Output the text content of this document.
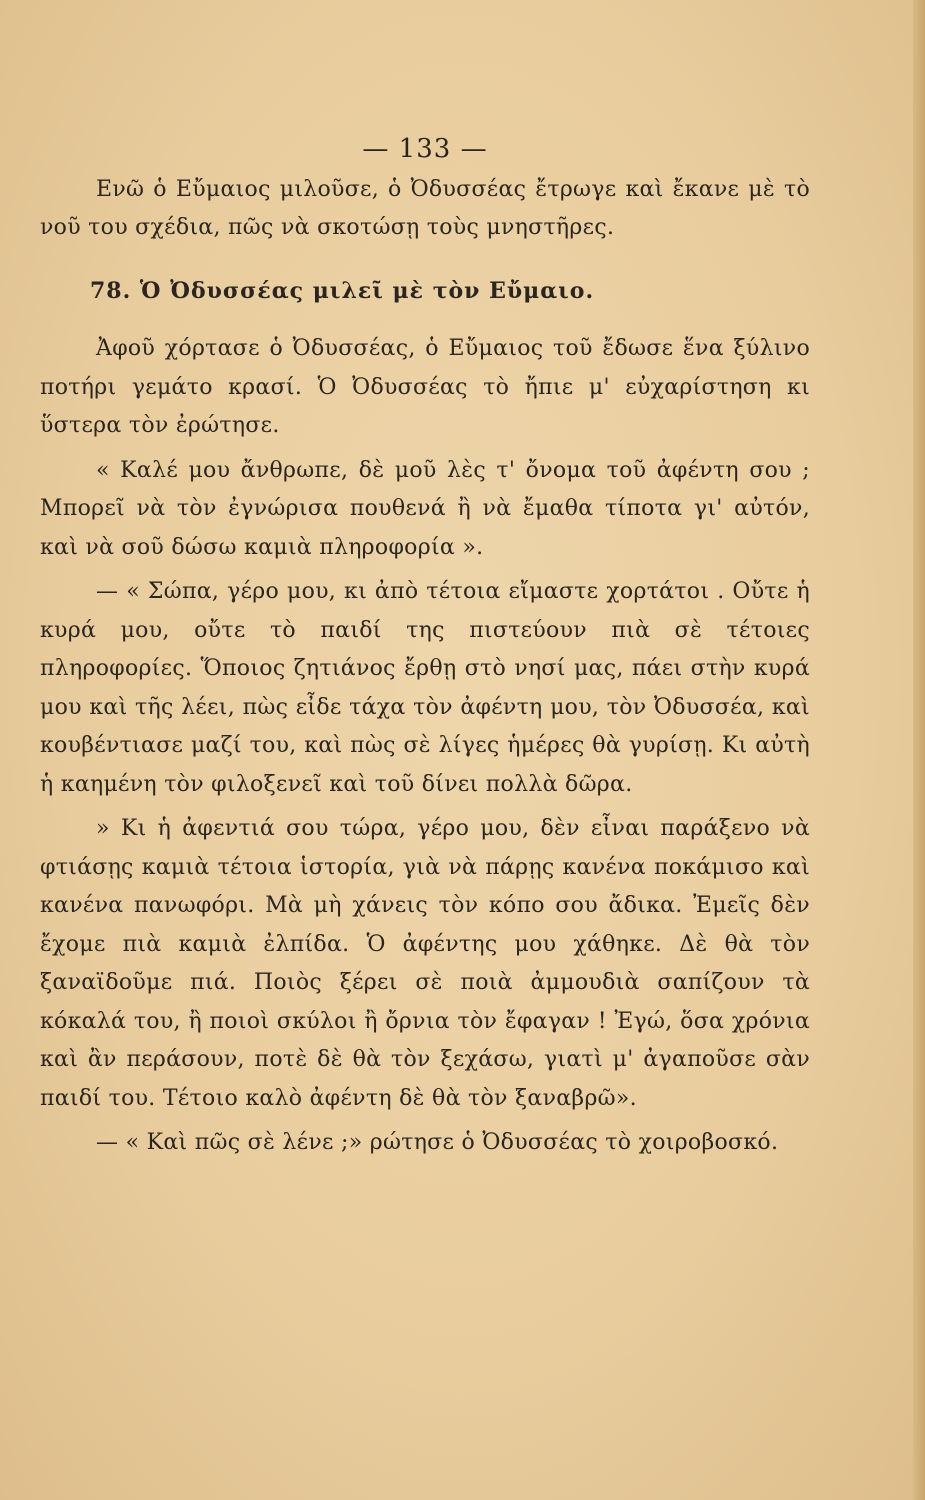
— 133 —

Ενῶ ὁ Εὔμαιος μιλοῦσε, ὁ Ὀδυσσέας ἔτρωγε καὶ ἔκανε μὲ τὸ νοῦ του σχέδια, πῶς νὰ σκοτώσῃ τοὺς μνηστῆρες.

78. Ὁ Ὀδυσσέας μιλεῖ μὲ τὸν Εὔμαιο.

Ἀφοῦ χόρτασε ὁ Ὀδυσσέας, ὁ Εὔμαιος τοῦ ἔδωσε ἕνα ξύλινο ποτήρι γεμάτο κρασί. Ὁ Ὀδυσσέας τὸ ἤπιε μ' εὐχαρίστηση κι ὕστερα τὸν ἐρώτησε.

« Καλέ μου ἄνθρωπε, δὲ μοῦ λὲς τ' ὄνομα τοῦ ἀφέντη σου ; Μπορεῖ νὰ τὸν ἐγνώρισα πουθενά ἢ νὰ ἔμαθα τίποτα γι' αὐτόν, καὶ νὰ σοῦ δώσω καμιὰ πληροφορία ».

— « Σώπα, γέρο μου, κι ἀπὸ τέτοια εἴμαστε χορτάτοι . Οὔτε ἡ κυρά μου, οὔτε τὸ παιδί της πιστεύουν πιὰ σὲ τέτοιες πληροφορίες. Ὅποιος ζητιάνος ἔρθῃ στὸ νησί μας, πάει στὴν κυρά μου καὶ τῆς λέει, πὼς εἶδε τάχα τὸν ἀφέντη μου, τὸν Ὀδυσσέα, καὶ κουβέντιασε μαζί του, καὶ πὼς σὲ λίγες ἡμέρες θὰ γυρίσῃ. Κι αὐτὴ ἡ καημένη τὸν φιλοξενεῖ καὶ τοῦ δίνει πολλὰ δῶρα.

» Κι ἡ ἀφεντιά σου τώρα, γέρο μου, δὲν εἶναι παράξενο νὰ φτιάσῃς καμιὰ τέτοια ἱστορία, γιὰ νὰ πάρῃς κανένα ποκάμισο καὶ κανένα πανωφόρι. Μὰ μὴ χάνεις τὸν κόπο σου ἄδικα. Ἐμεῖς δὲν ἔχομε πιὰ καμιὰ ἐλπίδα. Ὁ ἀφέντης μου χάθηκε. Δὲ θὰ τὸν ξαναϊδοῦμε πιά. Ποιὸς ξέρει σὲ ποιὰ ἀμμουδιὰ σαπίζουν τὰ κόκαλά του, ἢ ποιοὶ σκύλοι ἢ ὄρνια τὸν ἔφαγαν ! Ἐγώ, ὅσα χρόνια καὶ ἂν περάσουν, ποτὲ δὲ θὰ τὸν ξεχάσω, γιατὶ μ' ἀγαποῦσε σὰν παιδί του. Τέτοιο καλὸ ἀφέντη δὲ θὰ τὸν ξαναβρῶ».

— « Καὶ πῶς σὲ λένε ;» ρώτησε ὁ Ὀδυσσέας τὸ χοιροβοσκό.
